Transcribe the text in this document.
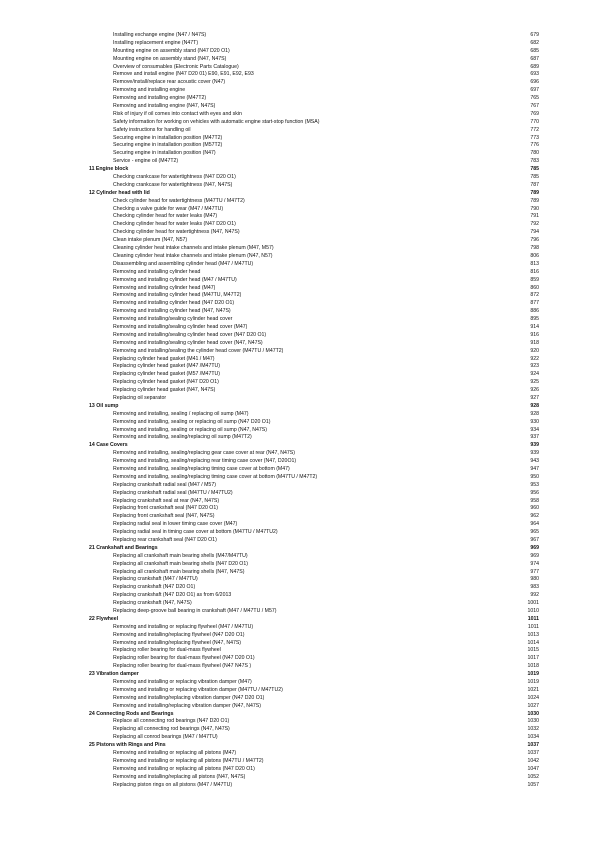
Installing exchange engine (N47 / N47S)	679
Installing replacement engine (N47T)	682
Mounting engine on assembly stand (N47 D20 O1)	685
Mounting engine on assembly stand (N47, N47S)	687
Overview of consumables (Electronic Parts Catalogue)	689
Remove and install engine (N47 D20 01) E90, E91, E92, E93	693
Remove/install/replace rear acoustic cover (N47)	696
Removing and installing engine	697
Removing and installing engine (M47T2)	765
Removing and installing engine (N47, N47S)	767
Risk of injury if oil comes into contact with eyes and skin	769
Safety information for working on vehicles with automatic engine start-stop function (MSA)	770
Safety instructions for handling oil	772
Securing engine in installation position (M47T2)	773
Securing engine in installation position (M57T2)	776
Securing engine in installation position (N47)	780
Service - engine oil (M47T2)	783
11 Engine block	785
Checking crankcase for watertightness (N47 D20 O1)	785
Checking crankcase for watertightness (N47, N47S)	787
12 Cylinder head with lid	789
Check cylinder head for watertightness (M47TU / M47T2)	789
Checking a valve guide for wear (M47 / M47TU)	790
Checking cylinder head for water leaks (M47)	791
Checking cylinder head for water leaks (N47 D20 O1)	792
Checking cylinder head for watertightness (N47, N47S)	794
Clean intake plenum (N47, N57)	796
Cleaning cylinder heat intake channels and intake plenum (M47, M57)	798
Cleaning cylinder heat intake channels and intake plenum (N47, N57)	806
Disassembling and assembling cylinder head (M47 / M47TU)	813
Removing and installing cylinder head	816
Removing and installing cylinder head (M47 / M47TU)	859
Removing and installing cylinder head (M47)	860
Removing and installing cylinder head (M47TU, M47T2)	872
Removing and installing cylinder head (N47 D20 O1)	877
Removing and installing cylinder head (N47, N47S)	886
Removing and installing/sealing cylinder head cover	895
Removing and installing/sealing cylinder head cover (M47)	914
Removing and installing/sealing cylinder head cover (N47 D20 O1)	916
Removing and installing/sealing cylinder head cover (N47, N47S)	918
Removing and installing/sealing the cylinder head cover (M47TU / M47T2)	920
Replacing cylinder head gasket (M41 / M47)	922
Replacing cylinder head gasket (M47 /M47TU)	923
Replacing cylinder head gasket (M57 /M47TU)	924
Replacing cylinder head gasket (N47 D20 O1)	925
Replacing cylinder head gasket (N47, N47S)	926
Replacing oil separator	927
13 Oil sump	928
Removing and installing, sealing / replacing oil sump (M47)	928
Removing and installing, sealing or replacing oil sump (N47 D20 O1)	930
Removing and installing, sealing or replacing oil sump (N47, N47S)	934
Removing and installing, sealing/replacing oil sump (M47T2)	937
14 Case Covers	939
Removing and installing, sealing/replacing gear case cover at rear (N47, N47S)	939
Removing and installing, sealing/replacing rear timing case cover (N47, D20O1)	943
Removing and installing, sealing/replacing timing case cover at bottom (M47)	947
Removing and installing, sealing/replacing timing case cover at bottom (M47TU / M47T2)	950
Replacing crankshaft radial seal (M47 / M57)	953
Replacing crankshaft radial seal (M47TU / M47TU2)	956
Replacing crankshaft seal at rear (N47, N47S)	958
Replacing front crankshaft seal (N47 D20 O1)	960
Replacing front crankshaft seal (N47, N47S)	962
Replacing radial seal in lower timing case cover (M47)	964
Replacing radial seal in timing case cover at bottom (M47TU / M47TU2)	965
Replacing rear crankshaft seal (N47 D20 O1)	967
21 Crankshaft and Bearings	969
Replacing all crankshaft main bearing shells (M47/M47TU)	969
Replacing all crankshaft main bearing shells (N47 D20 O1)	974
Replacing all crankshaft main bearing shells (N47, N47S)	977
Replacing crankshaft (M47 / M47TU)	980
Replacing crankshaft (N47 D20 O1)	983
Replacing crankshaft (N47 D20 O1) as from 6/2013	992
Replacing crankshaft (N47, N47S)	1001
Replacing deep-groove ball bearing in crankshaft (M47 / M47TU / M57)	1010
22 Flywheel	1011
Removing and installing or replacing flywheel (M47 / M47TU)	1011
Removing and installing/replacing flywheel (N47 D20 O1)	1013
Removing and installing/replacing flywheel (N47, N47S)	1014
Replacing roller bearing for dual-mass flywheel	1015
Replacing roller bearing for dual-mass flywheel (N47 D20 O1)	1017
Replacing roller bearing for dual-mass flywheel (N47 N47S )	1018
23 Vibration damper	1019
Removing and installing or replacing vibration damper (M47)	1019
Removing and installing or replacing vibration damper (M47TU / M47TU2)	1021
Removing and installing/replacing vibration damper (N47 D20 O1)	1024
Removing and installing/replacing vibration damper (N47, N47S)	1027
24 Connecting Rods and Bearings	1030
Replace all connecting rod bearings (N47 D20 O1)	1030
Replacing all connecting rod bearings (N47, N47S)	1032
Replacing all conrod bearings (M47 / M47TU)	1034
25 Pistons with Rings and Pins	1037
Removing and installing or replacing all pistons (M47)	1037
Removing and installing or replacing all pistons (M47TU / M47T2)	1042
Removing and installing or replacing all pistons (N47 D20 O1)	1047
Removing and installing/replacing all pistons (N47, N47S)	1052
Replacing piston rings on all pistons (M47 / M47TU)	1057
